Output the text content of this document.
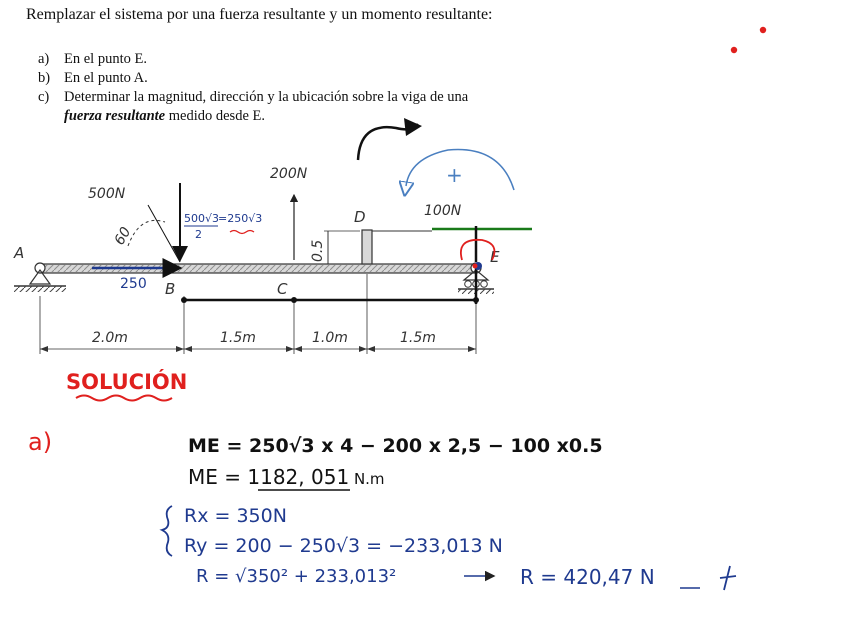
Remplazar el sistema por una fuerza resultante y un momento resultante:
a)	En el punto E.
b) En el punto A.
c)	Determinar la magnitud, dirección y la ubicación sobre la viga de una
fuerza resultante medido desde E.
0.5
A	E
B	C
D
500N
60
200N
100N
2.0m	1.5m	1.0m	1.5m
250
500√3
2
=250√3
+
SOLUCIÓN
a)	ME = 250√3 x 4 − 200 x 2,5 − 100 x0.5
ME = 1182, 051 N.m
Rx = 350N
Ry = 200 − 250√3 = −233,013 N
R = √350² + 233,013²	R = 420,47 N
